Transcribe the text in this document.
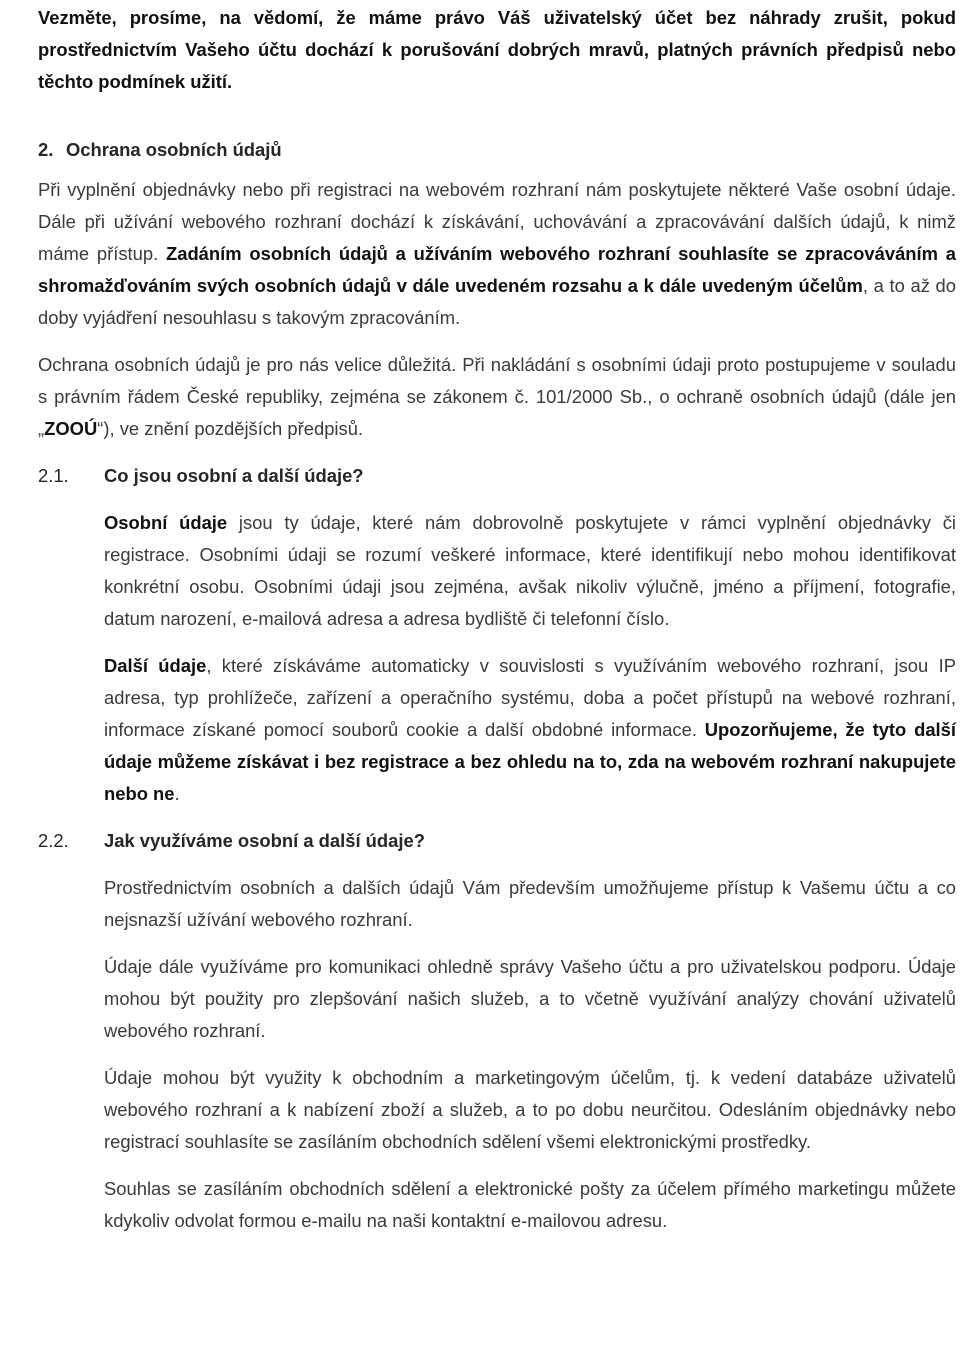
Vezměte, prosíme, na vědomí, že máme právo Váš uživatelský účet bez náhrady zrušit, pokud prostřednictvím Vašeho účtu dochází k porušování dobrých mravů, platných právních předpisů nebo těchto podmínek užití.

2. Ochrana osobních údajů

Při vyplnění objednávky nebo při registraci na webovém rozhraní nám poskytujete některé Vaše osobní údaje. Dále při užívání webového rozhraní dochází k získávání, uchovávání a zpracovávání dalších údajů, k nimž máme přístup. Zadáním osobních údajů a užíváním webového rozhraní souhlasíte se zpracováváním a shromažďováním svých osobních údajů v dále uvedeném rozsahu a k dále uvedeným účelům, a to až do doby vyjádření nesouhlasu s takovým zpracováním.

Ochrana osobních údajů je pro nás velice důležitá. Při nakládání s osobními údaji proto postupujeme v souladu s právním řádem České republiky, zejména se zákonem č. 101/2000 Sb., o ochraně osobních údajů (dále jen „ZOOÚ“), ve znění pozdějších předpisů.

2.1.	Co jsou osobní a další údaje?

Osobní údaje jsou ty údaje, které nám dobrovolně poskytujete v rámci vyplnění objednávky či registrace. Osobními údaji se rozumí veškeré informace, které identifikují nebo mohou identifikovat konkrétní osobu. Osobními údaji jsou zejména, avšak nikoliv výlučně, jméno a příjmení, fotografie, datum narození, e-mailová adresa a adresa bydliště či telefonní číslo.

Další údaje, které získáváme automaticky v souvislosti s využíváním webového rozhraní, jsou IP adresa, typ prohlížeče, zařízení a operačního systému, doba a počet přístupů na webové rozhraní, informace získané pomocí souborů cookie a další obdobné informace. Upozorňujeme, že tyto další údaje můžeme získávat i bez registrace a bez ohledu na to, zda na webovém rozhraní nakupujete nebo ne.

2.2.	Jak využíváme osobní a další údaje?

Prostřednictvím osobních a dalších údajů Vám především umožňujeme přístup k Vašemu účtu a co nejsnazší užívání webového rozhraní.

Údaje dále využíváme pro komunikaci ohledně správy Vašeho účtu a pro uživatelskou podporu. Údaje mohou být použity pro zlepšování našich služeb, a to včetně využívání analýzy chování uživatelů webového rozhraní.

Údaje mohou být využity k obchodním a marketingovým účelům, tj. k vedení databáze uživatelů webového rozhraní a k nabízení zboží a služeb, a to po dobu neurčitou. Odesláním objednávky nebo registrací souhlasíte se zasíláním obchodních sdělení všemi elektronickými prostředky.

Souhlas se zasíláním obchodních sdělení a elektronické pošty za účelem přímého marketingu můžete kdykoliv odvolat formou e-mailu na naši kontaktní e-mailovou adresu.
